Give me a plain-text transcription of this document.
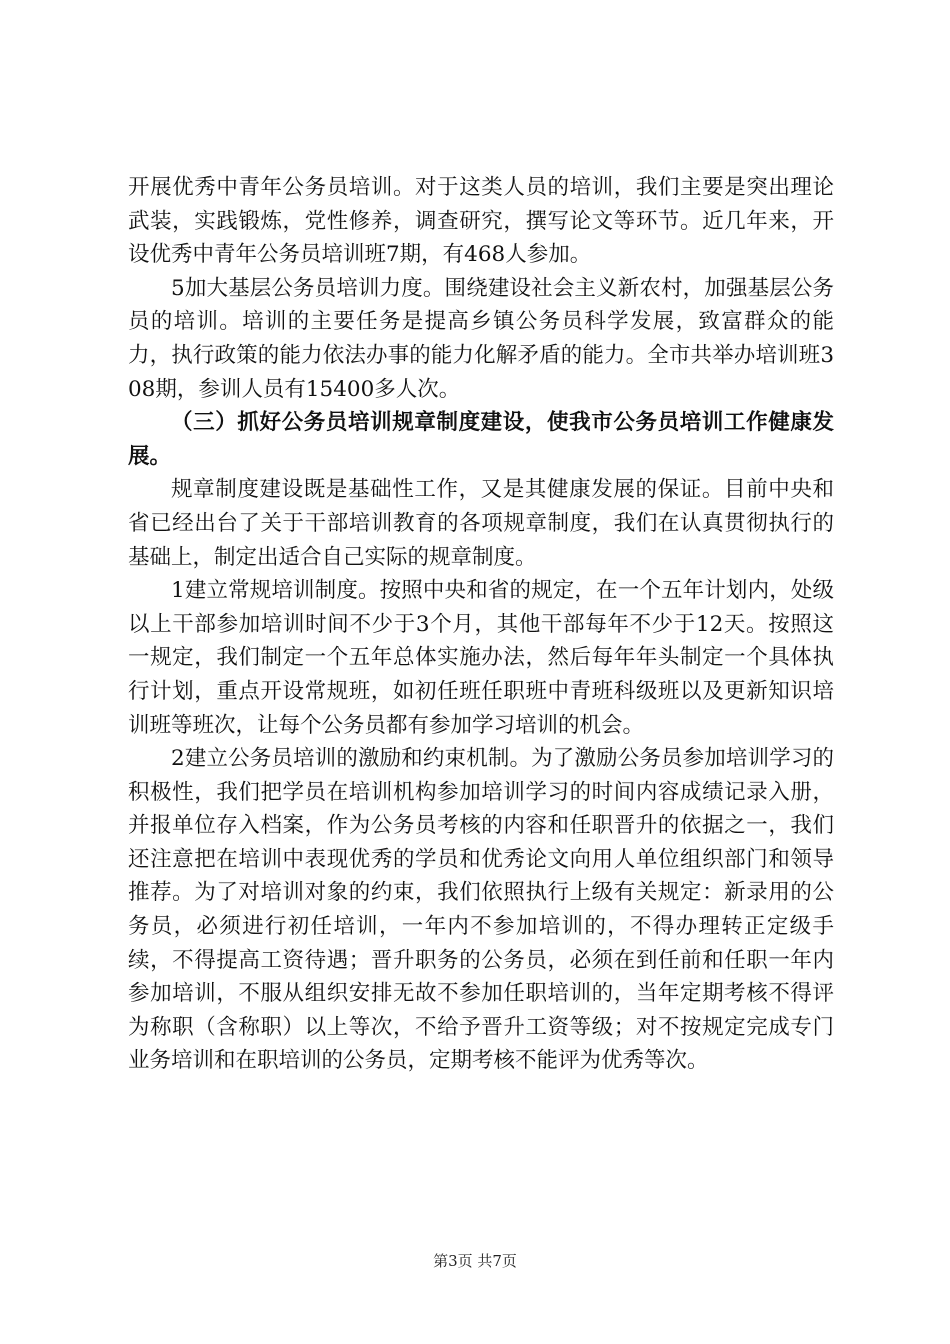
开展优秀中青年公务员培训。对于这类人员的培训，我们主要是突出理论武装，实践锻炼，党性修养，调查研究，撰写论文等环节。近几年来，开设优秀中青年公务员培训班7期，有468人参加。

5加大基层公务员培训力度。围绕建设社会主义新农村，加强基层公务员的培训。培训的主要任务是提高乡镇公务员科学发展，致富群众的能力，执行政策的能力依法办事的能力化解矛盾的能力。全市共举办培训班308期，参训人员有15400多人次。

（三）抓好公务员培训规章制度建设，使我市公务员培训工作健康发展。

规章制度建设既是基础性工作，又是其健康发展的保证。目前中央和省已经出台了关于干部培训教育的各项规章制度，我们在认真贯彻执行的基础上，制定出适合自己实际的规章制度。

1建立常规培训制度。按照中央和省的规定，在一个五年计划内，处级以上干部参加培训时间不少于3个月，其他干部每年不少于12天。按照这一规定，我们制定一个五年总体实施办法，然后每年年头制定一个具体执行计划，重点开设常规班，如初任班任职班中青班科级班以及更新知识培训班等班次，让每个公务员都有参加学习培训的机会。

2建立公务员培训的激励和约束机制。为了激励公务员参加培训学习的积极性，我们把学员在培训机构参加培训学习的时间内容成绩记录入册，并报单位存入档案，作为公务员考核的内容和任职晋升的依据之一，我们还注意把在培训中表现优秀的学员和优秀论文向用人单位组织部门和领导推荐。为了对培训对象的约束，我们依照执行上级有关规定：新录用的公务员，必须进行初任培训，一年内不参加培训的，不得办理转正定级手续，不得提高工资待遇；晋升职务的公务员，必须在到任前和任职一年内参加培训，不服从组织安排无故不参加任职培训的，当年定期考核不得评为称职（含称职）以上等次，不给予晋升工资等级；对不按规定完成专门业务培训和在职培训的公务员，定期考核不能评为优秀等次。

第3页 共7页
